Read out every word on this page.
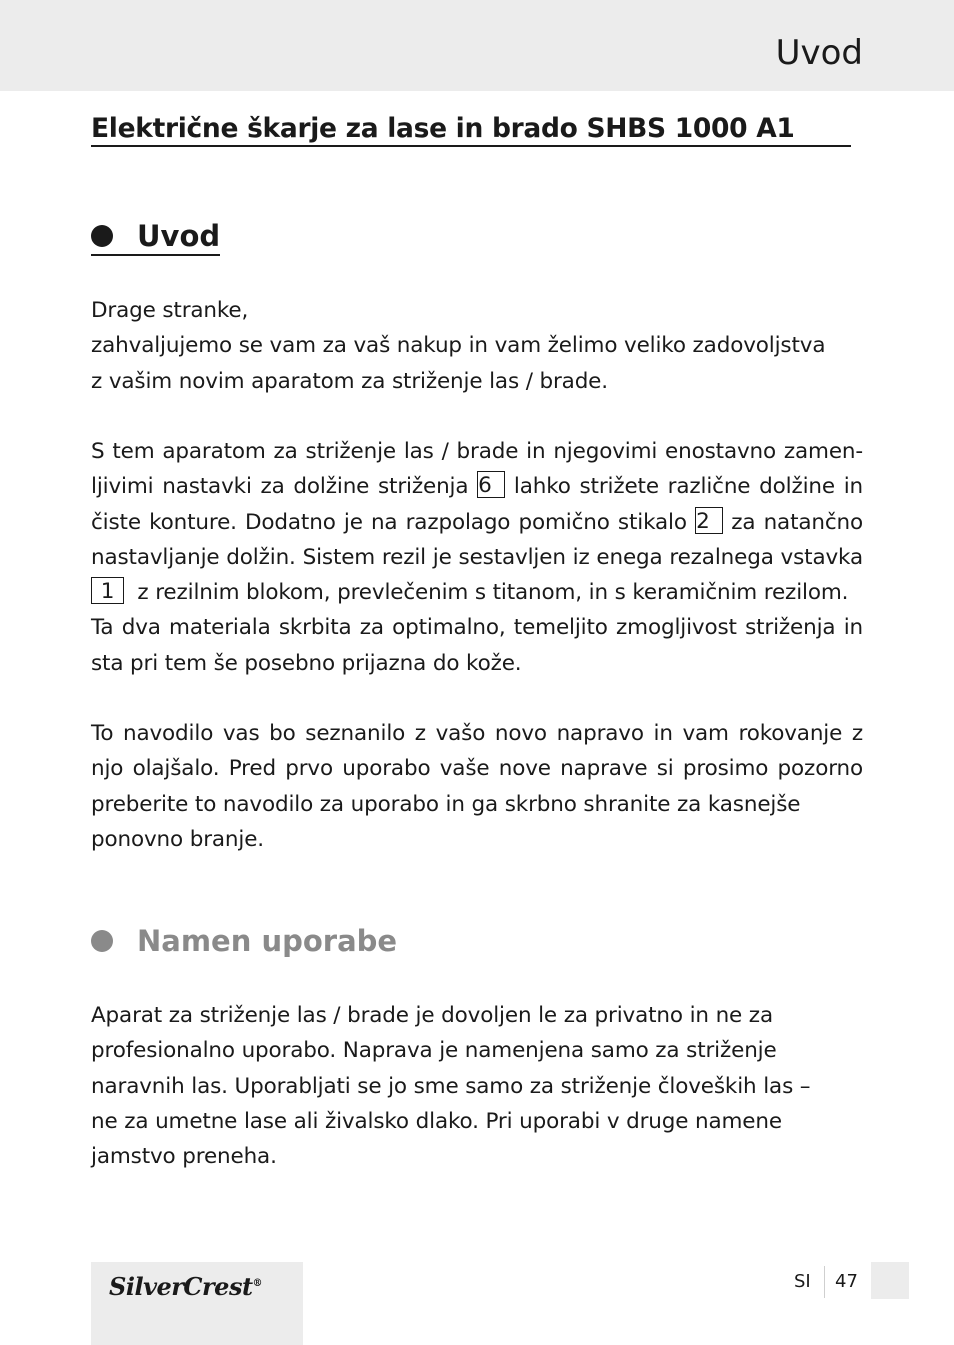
Uvod
Električne škarje za lase in brado SHBS 1000 A1
Uvod
Drage stranke,
zahvaljujemo se vam za vaš nakup in vam želimo veliko zadovoljstva
z vašim novim aparatom za striženje las / brade.
S tem aparatom za striženje las / brade in njegovimi enostavno zamen-
ljivimi nastavki za dolžine striženja 6 lahko strižete različne dolžine in
čiste konture. Dodatno je na razpolago pomično stikalo 2 za natančno
nastavljanje dolžin. Sistem rezil je sestavljen iz enega rezalnega vstavka
1 z rezilnim blokom, prevlečenim s titanom, in s keramičnim rezilom.
Ta dva materiala skrbita za optimalno, temeljito zmogljivost striženja in
sta pri tem še posebno prijazna do kože.
To navodilo vas bo seznanilo z vašo novo napravo in vam rokovanje z
njo olajšalo. Pred prvo uporabo vaše nove naprave si prosimo pozorno
preberite to navodilo za uporabo in ga skrbno shranite za kasnejše
ponovno branje.
Namen uporabe
Aparat za striženje las / brade je dovoljen le za privatno in ne za
profesionalno uporabo. Naprava je namenjena samo za striženje
naravnih las. Uporabljati se jo sme samo za striženje človeških las –
ne za umetne lase ali živalsko dlako. Pri uporabi v druge namene
jamstvo preneha.
SilverCrest®	SI 47
